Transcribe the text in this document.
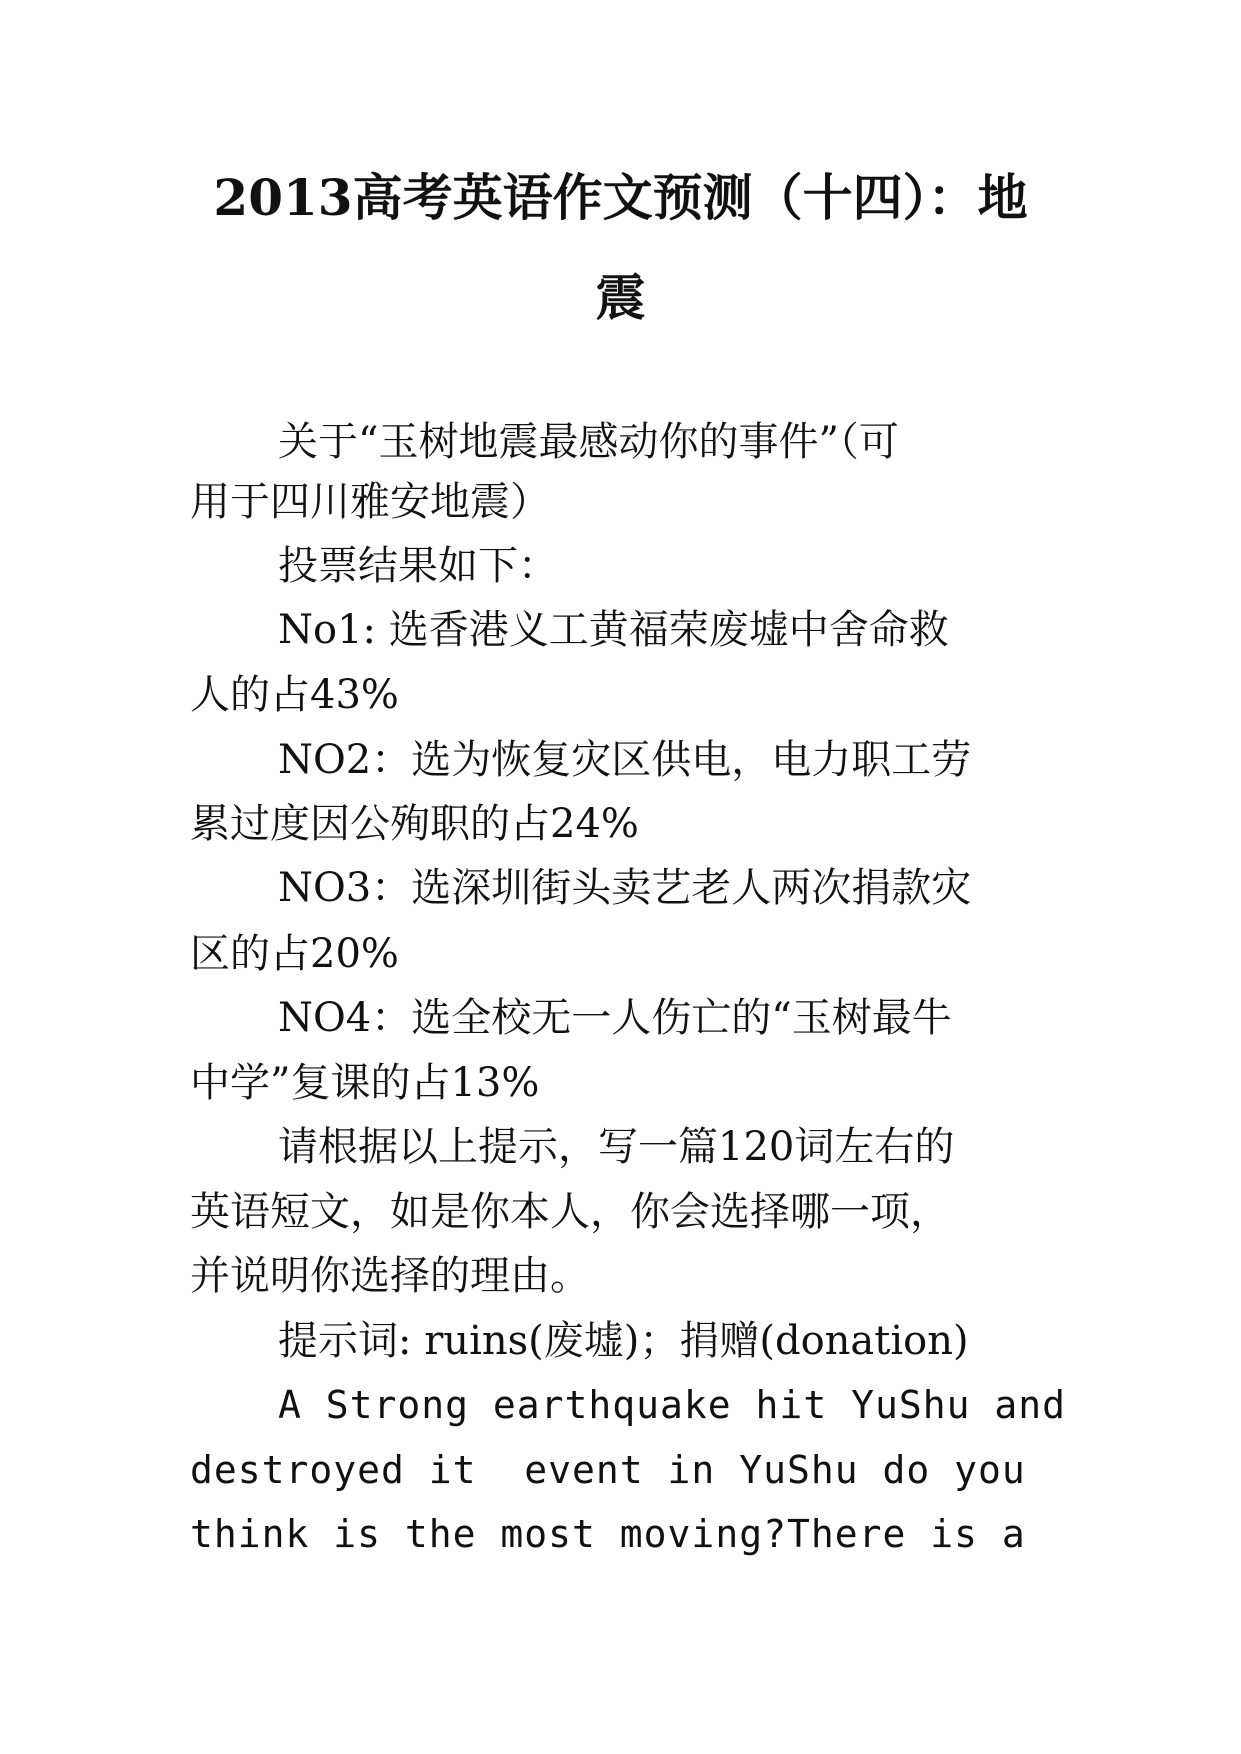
2013高考英语作文预测（十四）：地
震
关于“玉树地震最感动你的事件”（可
用于四川雅安地震）
投票结果如下：
No1: 选香港义工黄福荣废墟中舍命救
人的占43%
NO2：选为恢复灾区供电，电力职工劳
累过度因公殉职的占24%
NO3：选深圳街头卖艺老人两次捐款灾
区的占20%
NO4：选全校无一人伤亡的“玉树最牛
中学”复课的占13%
请根据以上提示，写一篇120词左右的
英语短文，如是你本人，你会选择哪一项，
并说明你选择的理由。
提示词: ruins(废墟)；捐赠(donation)
A Strong earthquake hit YuShu and
destroyed it  event in YuShu do you
think is the most moving?There is a
